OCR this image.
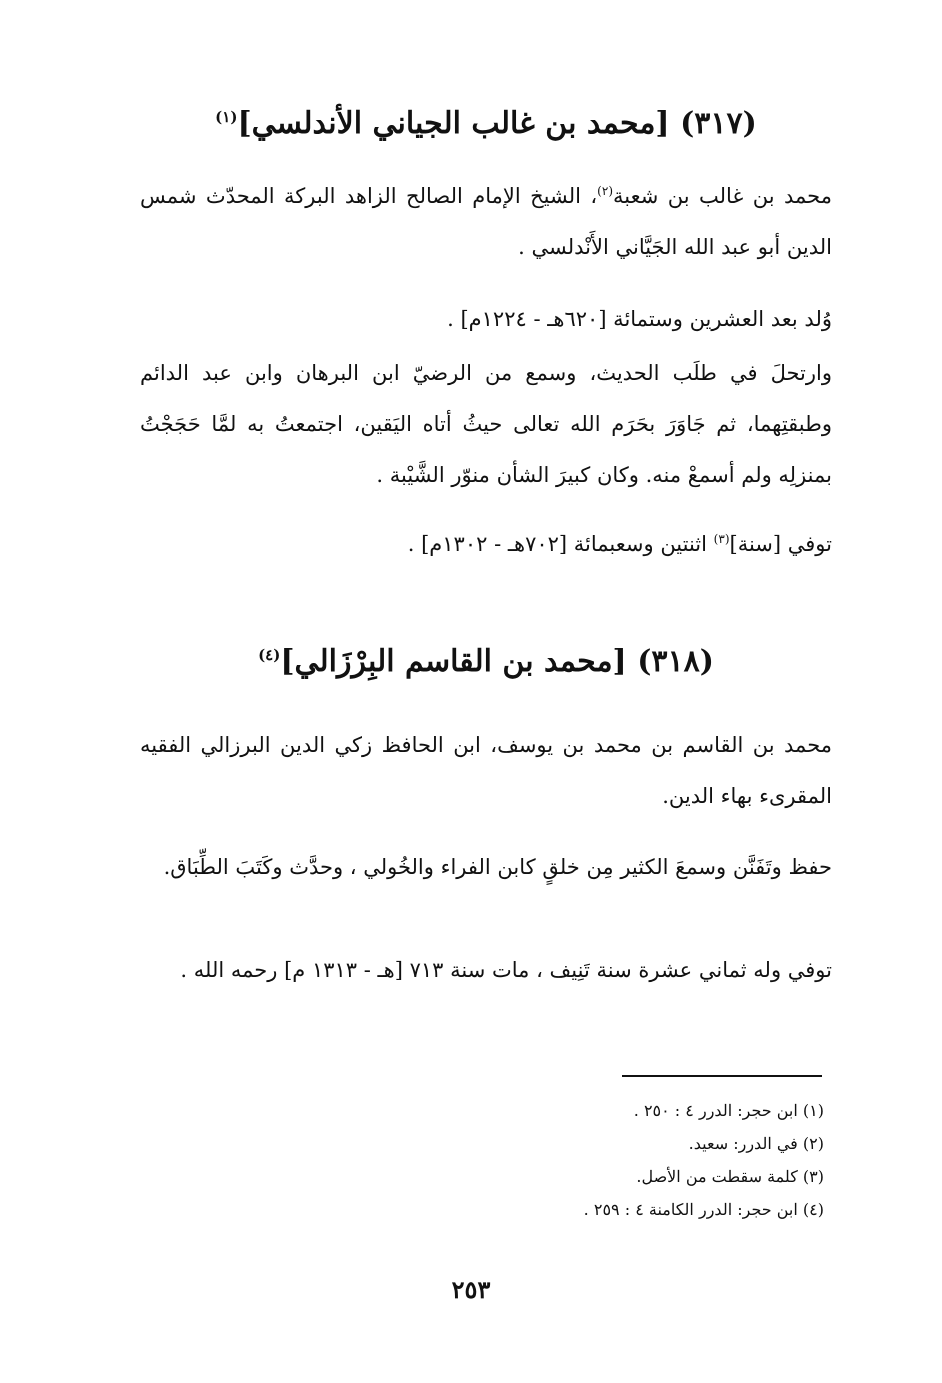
(٣١٧) [محمد بن غالب الجياني الأندلسي]$^{(١)}$

محمد بن غالب بن شعبة$^{(٢)}$، الشيخ الإمام الصالح الزاهد البركة المحدّث شمس الدين أبو عبد الله الجَيَّاني الأَنْدلسي .

وُلد بعد العشرين وستمائة [٦٢٠هـ - ١٢٢٤م] .

وارتحلَ في طلَب الحديث، وسمع من الرضيّ ابن البرهان وابن عبد الدائم وطبقتِهما، ثم جَاوَرَ بحَرَم الله تعالى حيثُ أتاه اليَقين، اجتمعتُ به لمَّا حَجَجْتُ بمنزلِه ولم أسمعْ منه. وكان كبيرَ الشأن منوّر الشَّيْبة .

توفي [سنة]$^{(٣)}$ اثنتين وسعبمائة [٧٠٢هـ - ١٣٠٢م] .

(٣١٨) [محمد بن القاسم البِرْزَالي]$^{(٤)}$

محمد بن القاسم بن محمد بن يوسف، ابن الحافظ زكي الدين البرزالي الفقيه المقرىء بهاء الدين.

حفظ وتَفَنَّن وسمعَ الكثير مِن خلقٍ كابن الفراء والخُولي ، وحدَّث وكَتَبَ الطِّبَاق.

توفي وله ثماني عشرة سنة تَنِيف ، مات سنة ٧١٣ [هـ - ١٣١٣ م] رحمه الله .

(١) ابن حجر: الدرر ٤ : ٢٥٠ .
(٢) في الدرر: سعيد.
(٣) كلمة سقطت من الأصل.
(٤) ابن حجر: الدرر الكامنة ٤ : ٢٥٩ .
٢٥٣
